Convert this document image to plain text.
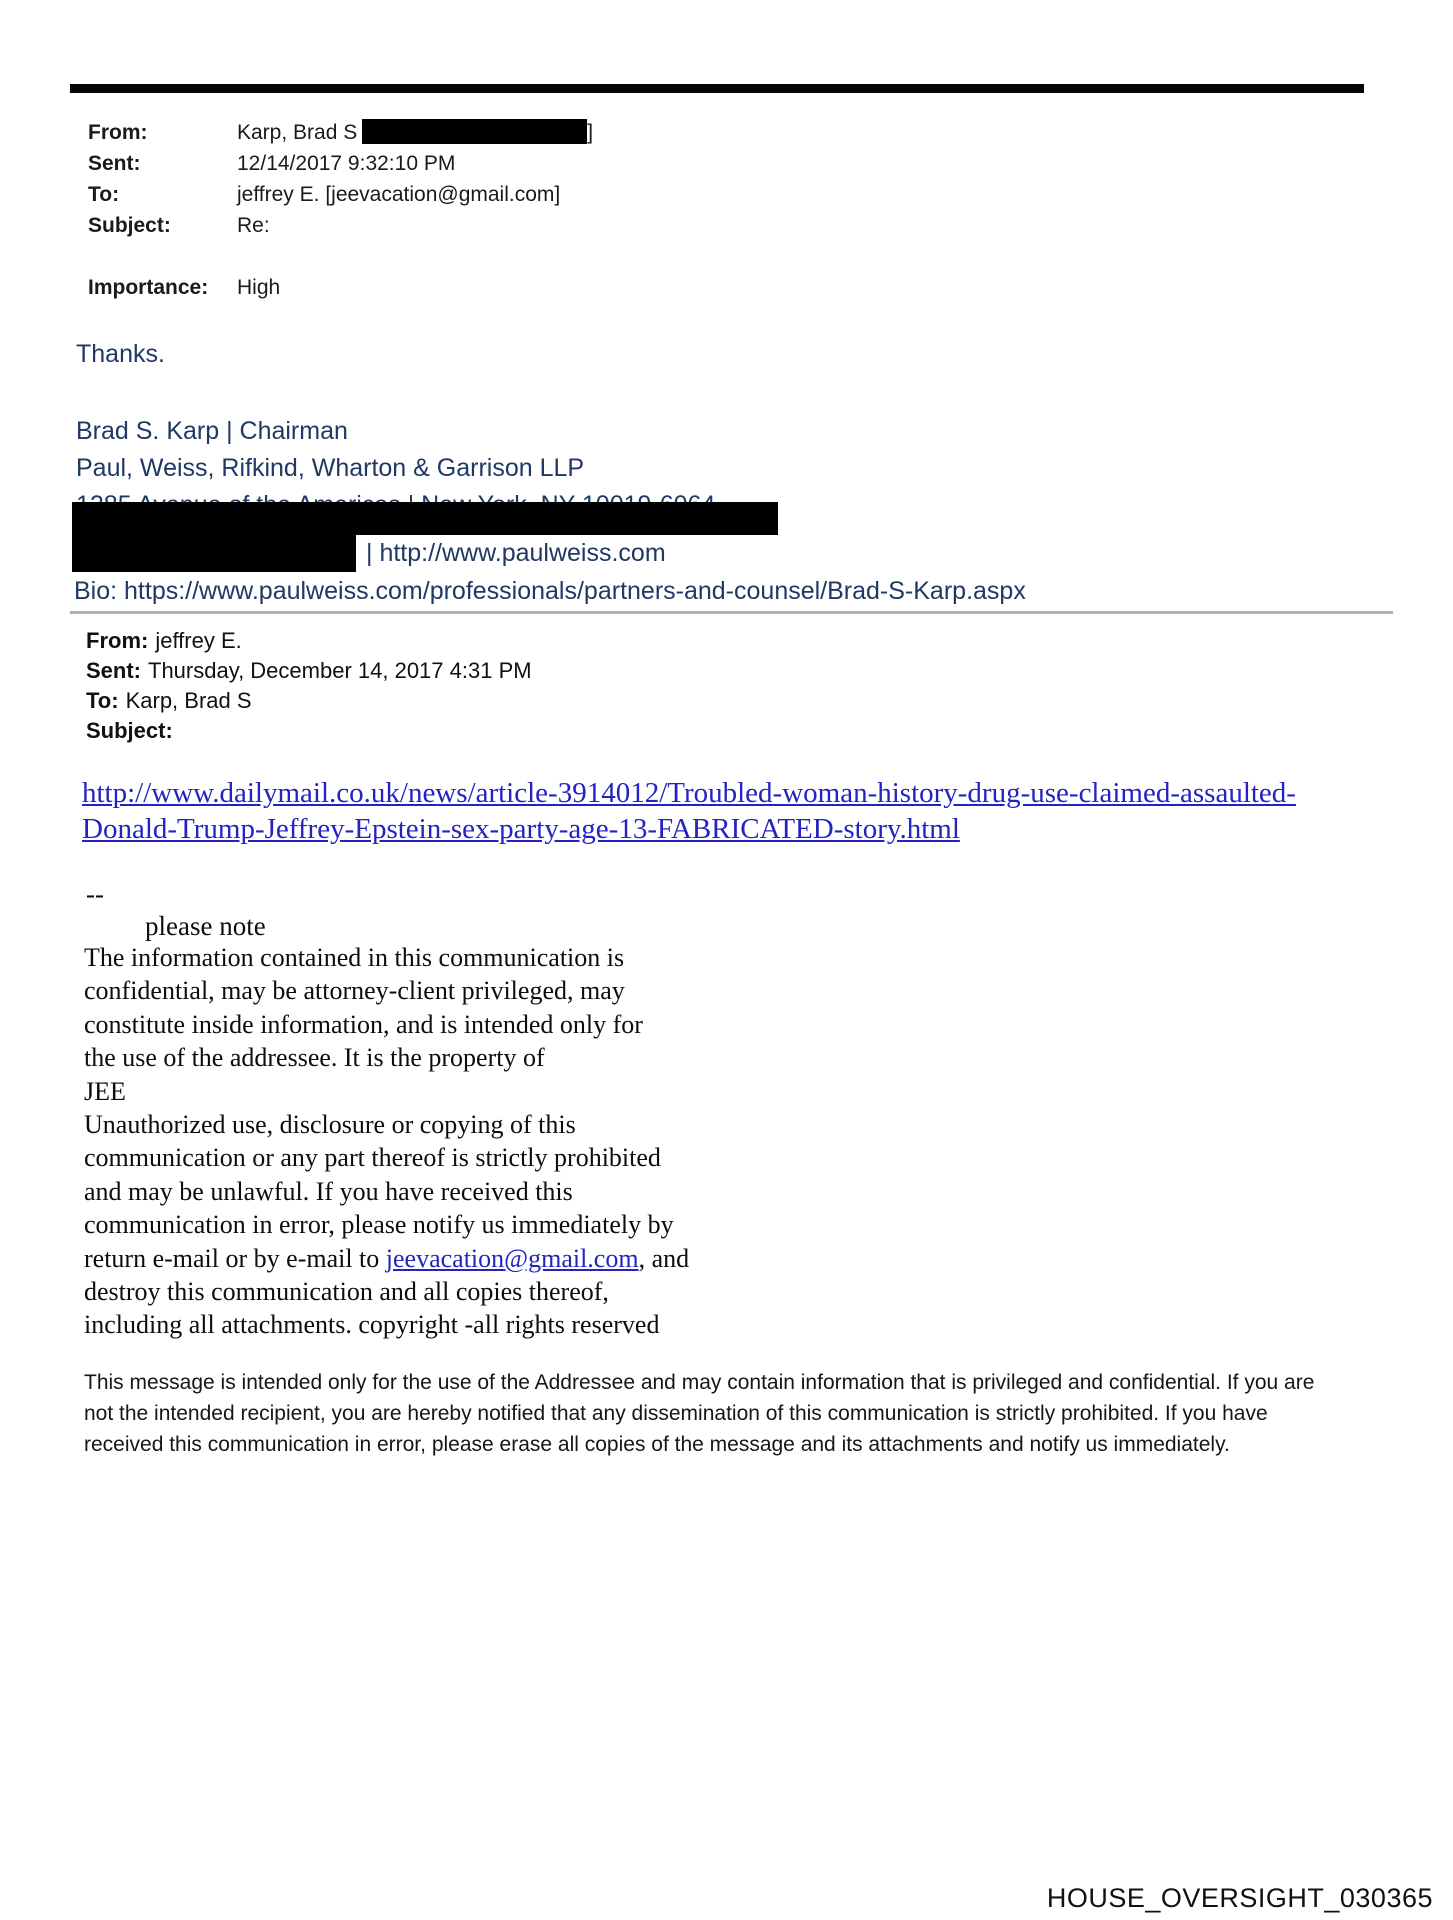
From:	Karp, Brad S	]
Sent:	12/14/2017 9:32:10 PM
To:	jeffrey E. [jeevacation@gmail.com]
Subject:	Re:
Importance:	High
Thanks.
Brad S. Karp | Chairman
Paul, Weiss, Rifkind, Wharton & Garrison LLP
| http://www.paulweiss.com
Bio: https://www.paulweiss.com/professionals/partners-and-counsel/Brad-S-Karp.aspx
From: jeffrey E.
Sent: Thursday, December 14, 2017 4:31 PM
To: Karp, Brad S
Subject:
http://www.dailymail.co.uk/news/article-3914012/Troubled-woman-history-drug-use-claimed-assaulted-
Donald-Trump-Jeffrey-Epstein-sex-party-age-13-FABRICATED-story.html
--
please note
The information contained in this communication is
confidential, may be attorney-client privileged, may
constitute inside information, and is intended only for
the use of the addressee. It is the property of
JEE
Unauthorized use, disclosure or copying of this
communication or any part thereof is strictly prohibited
and may be unlawful. If you have received this
communication in error, please notify us immediately by
return e-mail or by e-mail to jeevacation@gmail.com, and
destroy this communication and all copies thereof,
including all attachments. copyright -all rights reserved
This message is intended only for the use of the Addressee and may contain information that is privileged and confidential. If you are
not the intended recipient, you are hereby notified that any dissemination of this communication is strictly prohibited. If you have
received this communication in error, please erase all copies of the message and its attachments and notify us immediately.
HOUSE_OVERSIGHT_030365
